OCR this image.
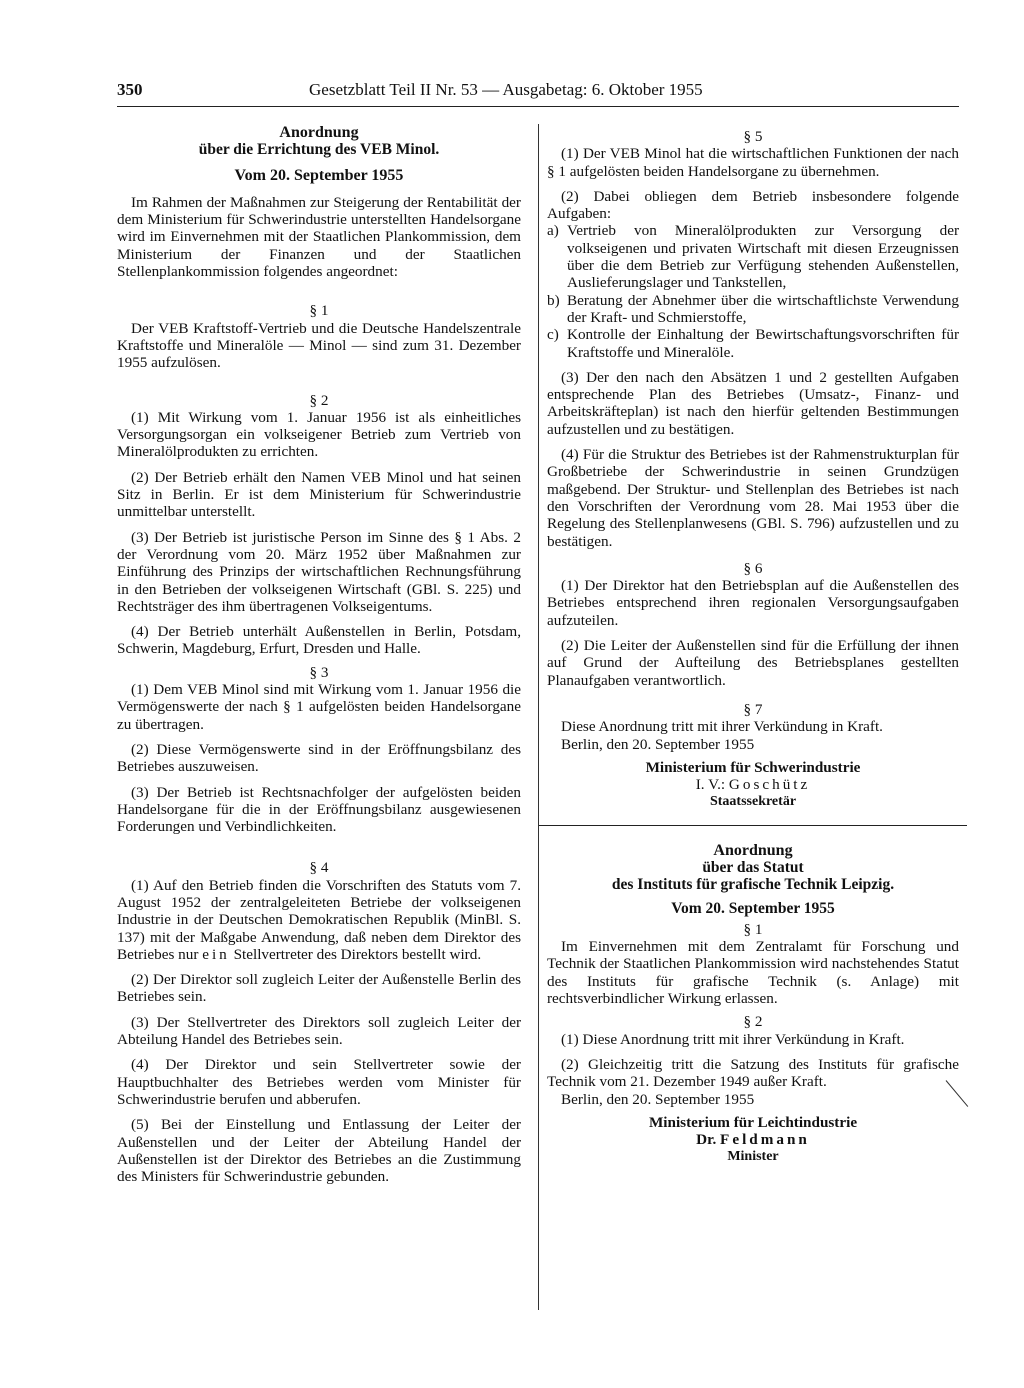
350	Gesetzblatt Teil II Nr. 53 — Ausgabetag: 6. Oktober 1955

Anordnung

über die Errichtung des VEB Minol.

Vom 20. September 1955

Im Rahmen der Maßnahmen zur Steigerung der Rentabilität der dem Ministerium für Schwerindustrie unterstellten Handelsorgane wird im Einvernehmen mit der Staatlichen Plankommission, dem Ministerium der Finanzen und der Staatlichen Stellenplankommission folgendes angeordnet:

§ 1

Der VEB Kraftstoff-Vertrieb und die Deutsche Handelszentrale Kraftstoffe und Mineralöle — Minol — sind zum 31. Dezember 1955 aufzulösen.

§ 2

(1) Mit Wirkung vom 1. Januar 1956 ist als einheitliches Versorgungsorgan ein volkseigener Betrieb zum Vertrieb von Mineralölprodukten zu errichten.

(2) Der Betrieb erhält den Namen VEB Minol und hat seinen Sitz in Berlin. Er ist dem Ministerium für Schwerindustrie unmittelbar unterstellt.

(3) Der Betrieb ist juristische Person im Sinne des § 1 Abs. 2 der Verordnung vom 20. März 1952 über Maßnahmen zur Einführung des Prinzips der wirtschaftlichen Rechnungsführung in den Betrieben der volkseigenen Wirtschaft (GBl. S. 225) und Rechtsträger des ihm übertragenen Volkseigentums.

(4) Der Betrieb unterhält Außenstellen in Berlin, Potsdam, Schwerin, Magdeburg, Erfurt, Dresden und Halle.

§ 3

(1) Dem VEB Minol sind mit Wirkung vom 1. Januar 1956 die Vermögenswerte der nach § 1 aufgelösten beiden Handelsorgane zu übertragen.

(2) Diese Vermögenswerte sind in der Eröffnungsbilanz des Betriebes auszuweisen.

(3) Der Betrieb ist Rechtsnachfolger der aufgelösten beiden Handelsorgane für die in der Eröffnungsbilanz ausgewiesenen Forderungen und Verbindlichkeiten.

§ 4

(1) Auf den Betrieb finden die Vorschriften des Statuts vom 7. August 1952 der zentralgeleiteten Betriebe der volkseigenen Industrie in der Deutschen Demokratischen Republik (MinBl. S. 137) mit der Maßgabe Anwendung, daß neben dem Direktor des Betriebes nur ein Stellvertreter des Direktors bestellt wird.

(2) Der Direktor soll zugleich Leiter der Außenstelle Berlin des Betriebes sein.

(3) Der Stellvertreter des Direktors soll zugleich Leiter der Abteilung Handel des Betriebes sein.

(4) Der Direktor und sein Stellvertreter sowie der Hauptbuchhalter des Betriebes werden vom Minister für Schwerindustrie berufen und abberufen.

(5) Bei der Einstellung und Entlassung der Leiter der Außenstellen und der Leiter der Abteilung Handel der Außenstellen ist der Direktor des Betriebes an die Zustimmung des Ministers für Schwerindustrie gebunden.

§ 5

(1) Der VEB Minol hat die wirtschaftlichen Funktionen der nach § 1 aufgelösten beiden Handelsorgane zu übernehmen.

(2) Dabei obliegen dem Betrieb insbesondere folgende Aufgaben:

a) Vertrieb von Mineralölprodukten zur Versorgung der volkseigenen und privaten Wirtschaft mit diesen Erzeugnissen über die dem Betrieb zur Verfügung stehenden Außenstellen, Auslieferungslager und Tankstellen,
b) Beratung der Abnehmer über die wirtschaftlichste Verwendung der Kraft- und Schmierstoffe,
c) Kontrolle der Einhaltung der Bewirtschaftungsvorschriften für Kraftstoffe und Mineralöle.

(3) Der den nach den Absätzen 1 und 2 gestellten Aufgaben entsprechende Plan des Betriebes (Umsatz-, Finanz- und Arbeitskräfteplan) ist nach den hierfür geltenden Bestimmungen aufzustellen und zu bestätigen.

(4) Für die Struktur des Betriebes ist der Rahmenstrukturplan für Großbetriebe der Schwerindustrie in seinen Grundzügen maßgebend. Der Struktur- und Stellenplan des Betriebes ist nach den Vorschriften der Verordnung vom 28. Mai 1953 über die Regelung des Stellenplanwesens (GBl. S. 796) aufzustellen und zu bestätigen.

§ 6

(1) Der Direktor hat den Betriebsplan auf die Außenstellen des Betriebes entsprechend ihren regionalen Versorgungsaufgaben aufzuteilen.

(2) Die Leiter der Außenstellen sind für die Erfüllung der ihnen auf Grund der Aufteilung des Betriebsplanes gestellten Planaufgaben verantwortlich.

§ 7

Diese Anordnung tritt mit ihrer Verkündung in Kraft.

Berlin, den 20. September 1955

Ministerium für Schwerindustrie

I. V.: Goschütz

Staatssekretär

Anordnung

über das Statut

des Instituts für grafische Technik Leipzig.

Vom 20. September 1955

§ 1

Im Einvernehmen mit dem Zentralamt für Forschung und Technik der Staatlichen Plankommission wird nachstehendes Statut des Instituts für grafische Technik (s. Anlage) mit rechtsverbindlicher Wirkung erlassen.

§ 2

(1) Diese Anordnung tritt mit ihrer Verkündung in Kraft.

(2) Gleichzeitig tritt die Satzung des Instituts für grafische Technik vom 21. Dezember 1949 außer Kraft.

Berlin, den 20. September 1955

Ministerium für Leichtindustrie

Dr. Feldmann

Minister
